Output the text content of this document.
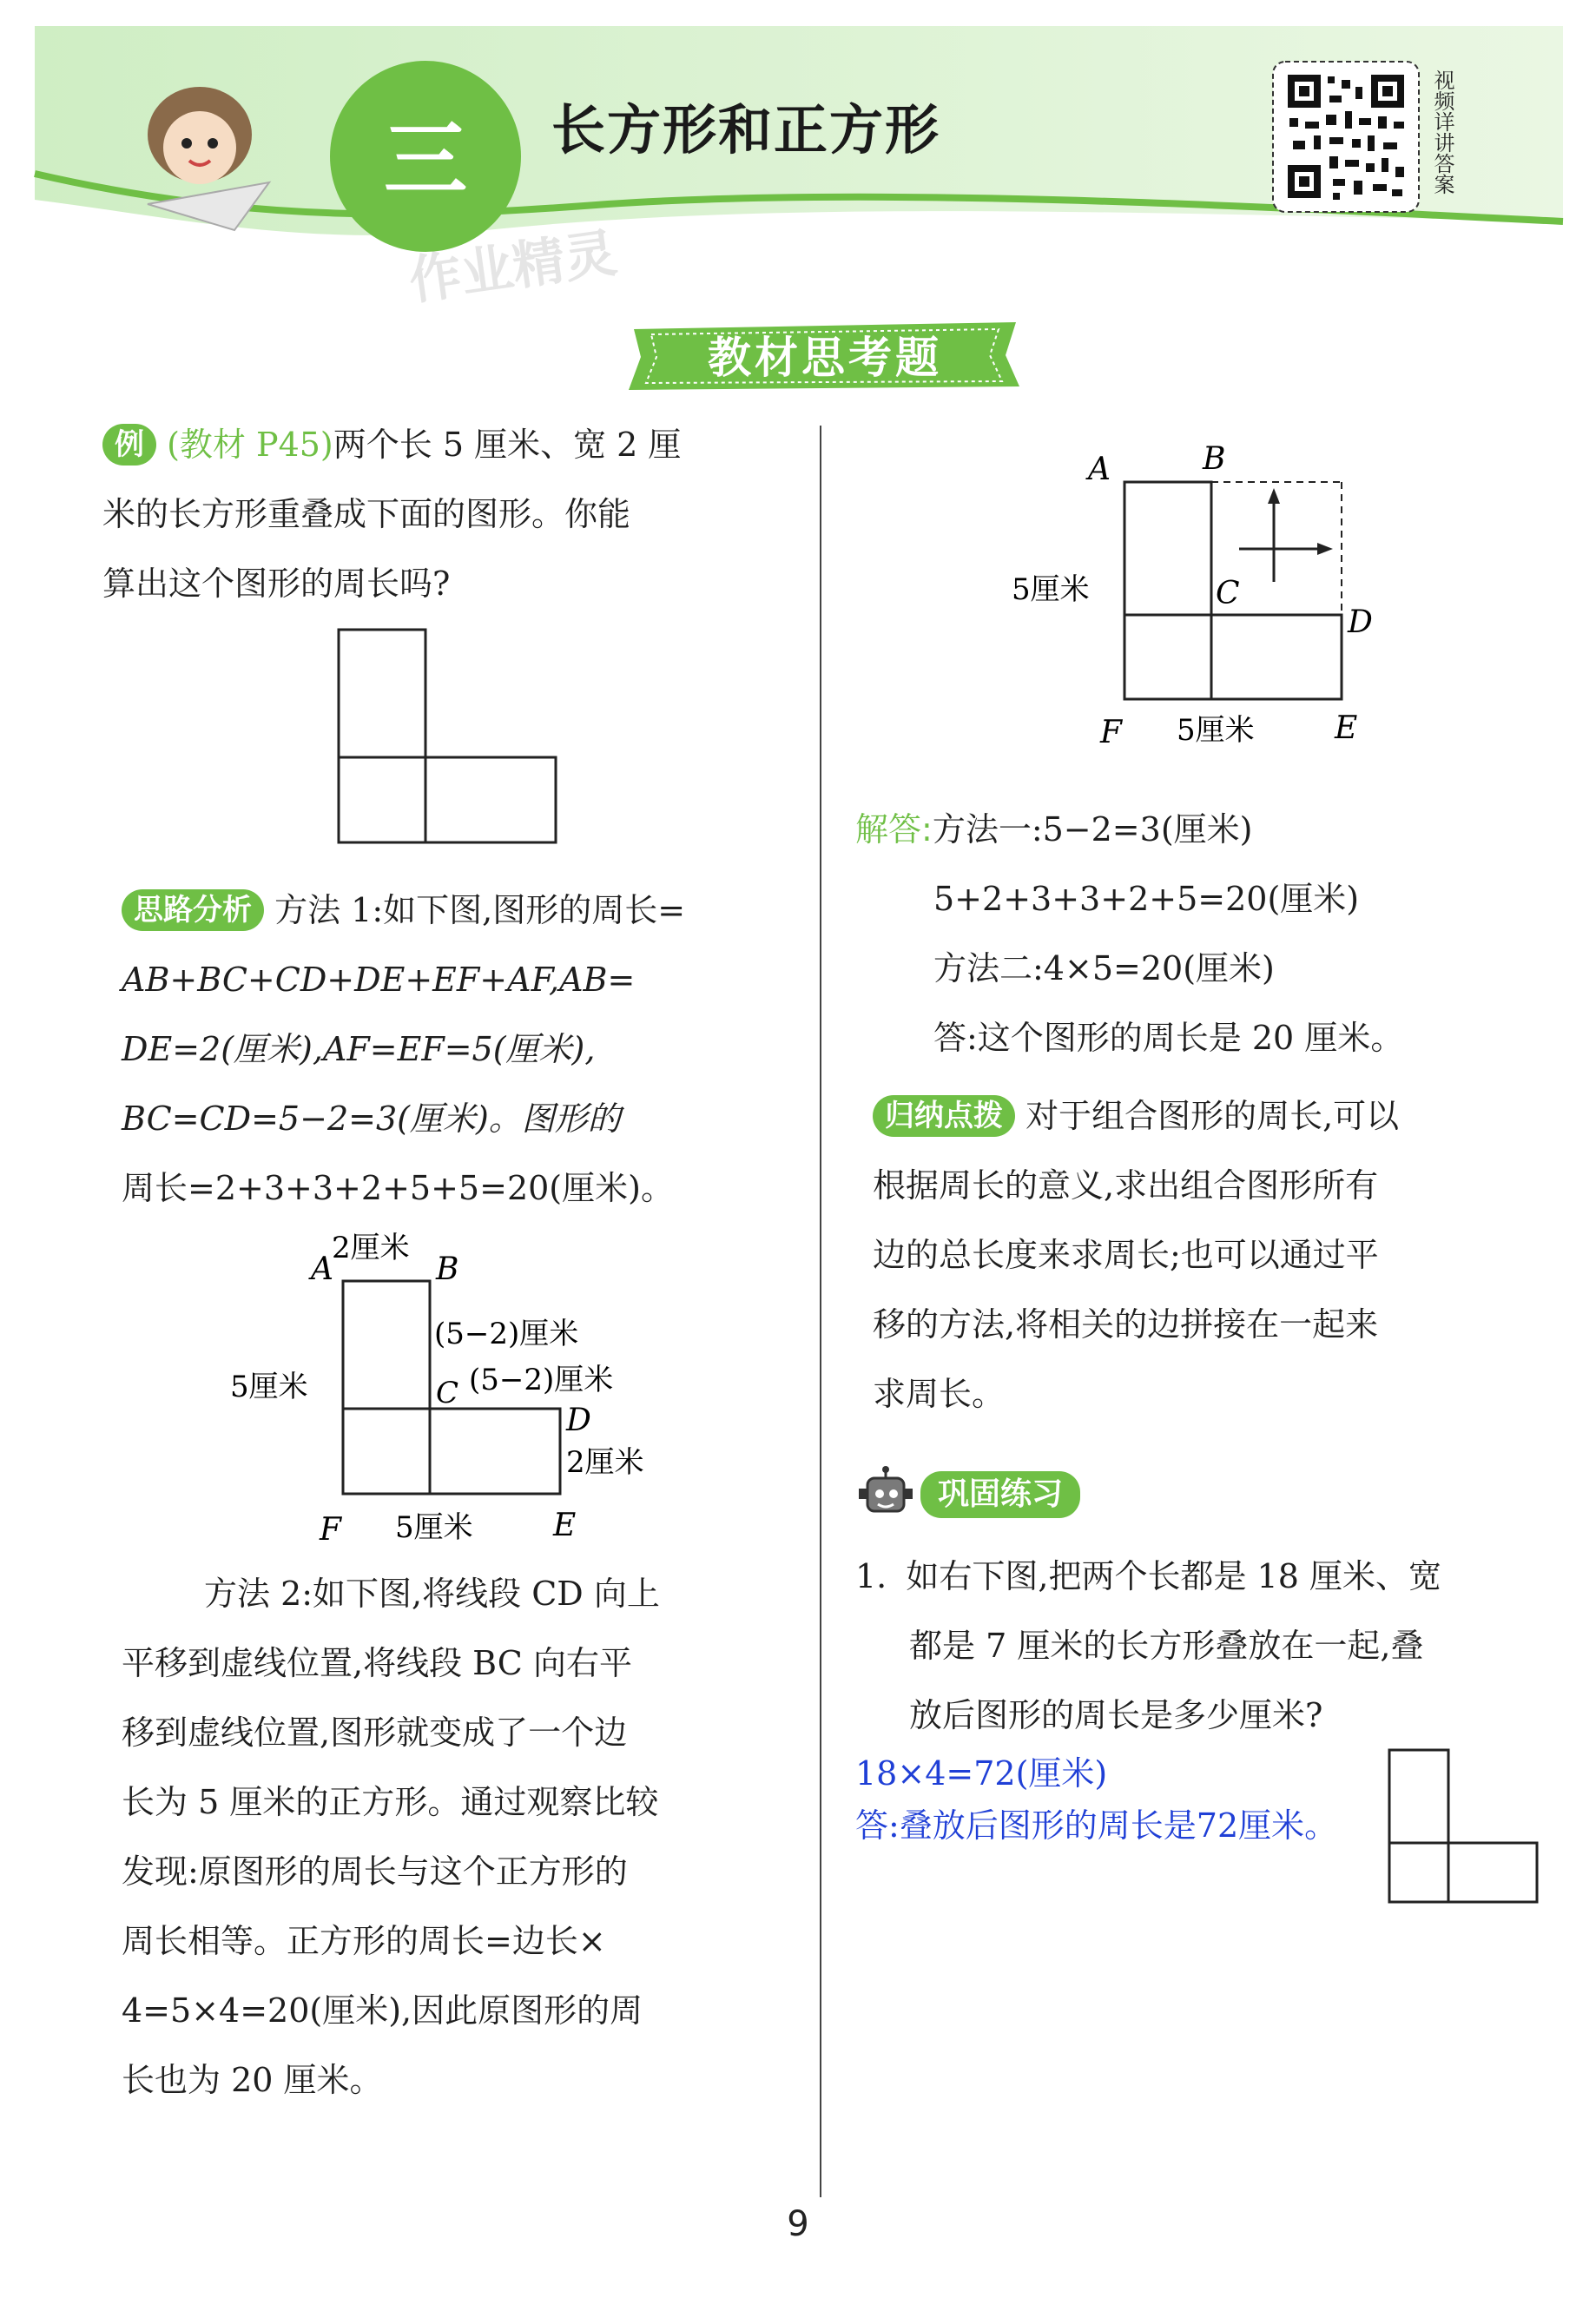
三	长方形和正方形	视频详讲答案
作业精灵
教材思考题
例 (教材 P45)两个长 5 厘米、宽 2 厘
米的长方形重叠成下面的图形。你能
算出这个图形的周长吗?
思路分析 方法 1:如下图,图形的周长=
AB+BC+CD+DE+EF+AF,AB=
DE=2(厘米),AF=EF=5(厘米),
BC=CD=5−2=3(厘米)。图形的
周长=2+3+3+2+5+5=20(厘米)。
A
2厘米
B
(5−2)厘米
C (5−2)厘米
5厘米
D
2厘米
F 5厘米	E
方法 2:如下图,将线段 CD 向上
平移到虚线位置,将线段 BC 向右平
移到虚线位置,图形就变成了一个边
长为 5 厘米的正方形。通过观察比较
发现:原图形的周长与这个正方形的
周长相等。正方形的周长=边长×
4=5×4=20(厘米),因此原图形的周
长也为 20 厘米。
A	B
C
D
5厘米
F 5厘米	E
解答:方法一:5−2=3(厘米)
5+2+3+3+2+5=20(厘米)
方法二:4×5=20(厘米)
答:这个图形的周长是 20 厘米。
归纳点拨 对于组合图形的周长,可以
根据周长的意义,求出组合图形所有
边的总长度来求周长;也可以通过平
移的方法,将相关的边拼接在一起来
求周长。
巩固练习
1. 如右下图,把两个长都是 18 厘米、宽
都是 7 厘米的长方形叠放在一起,叠
放后图形的周长是多少厘米?
18×4=72(厘米)
答:叠放后图形的周长是72厘米。
9
